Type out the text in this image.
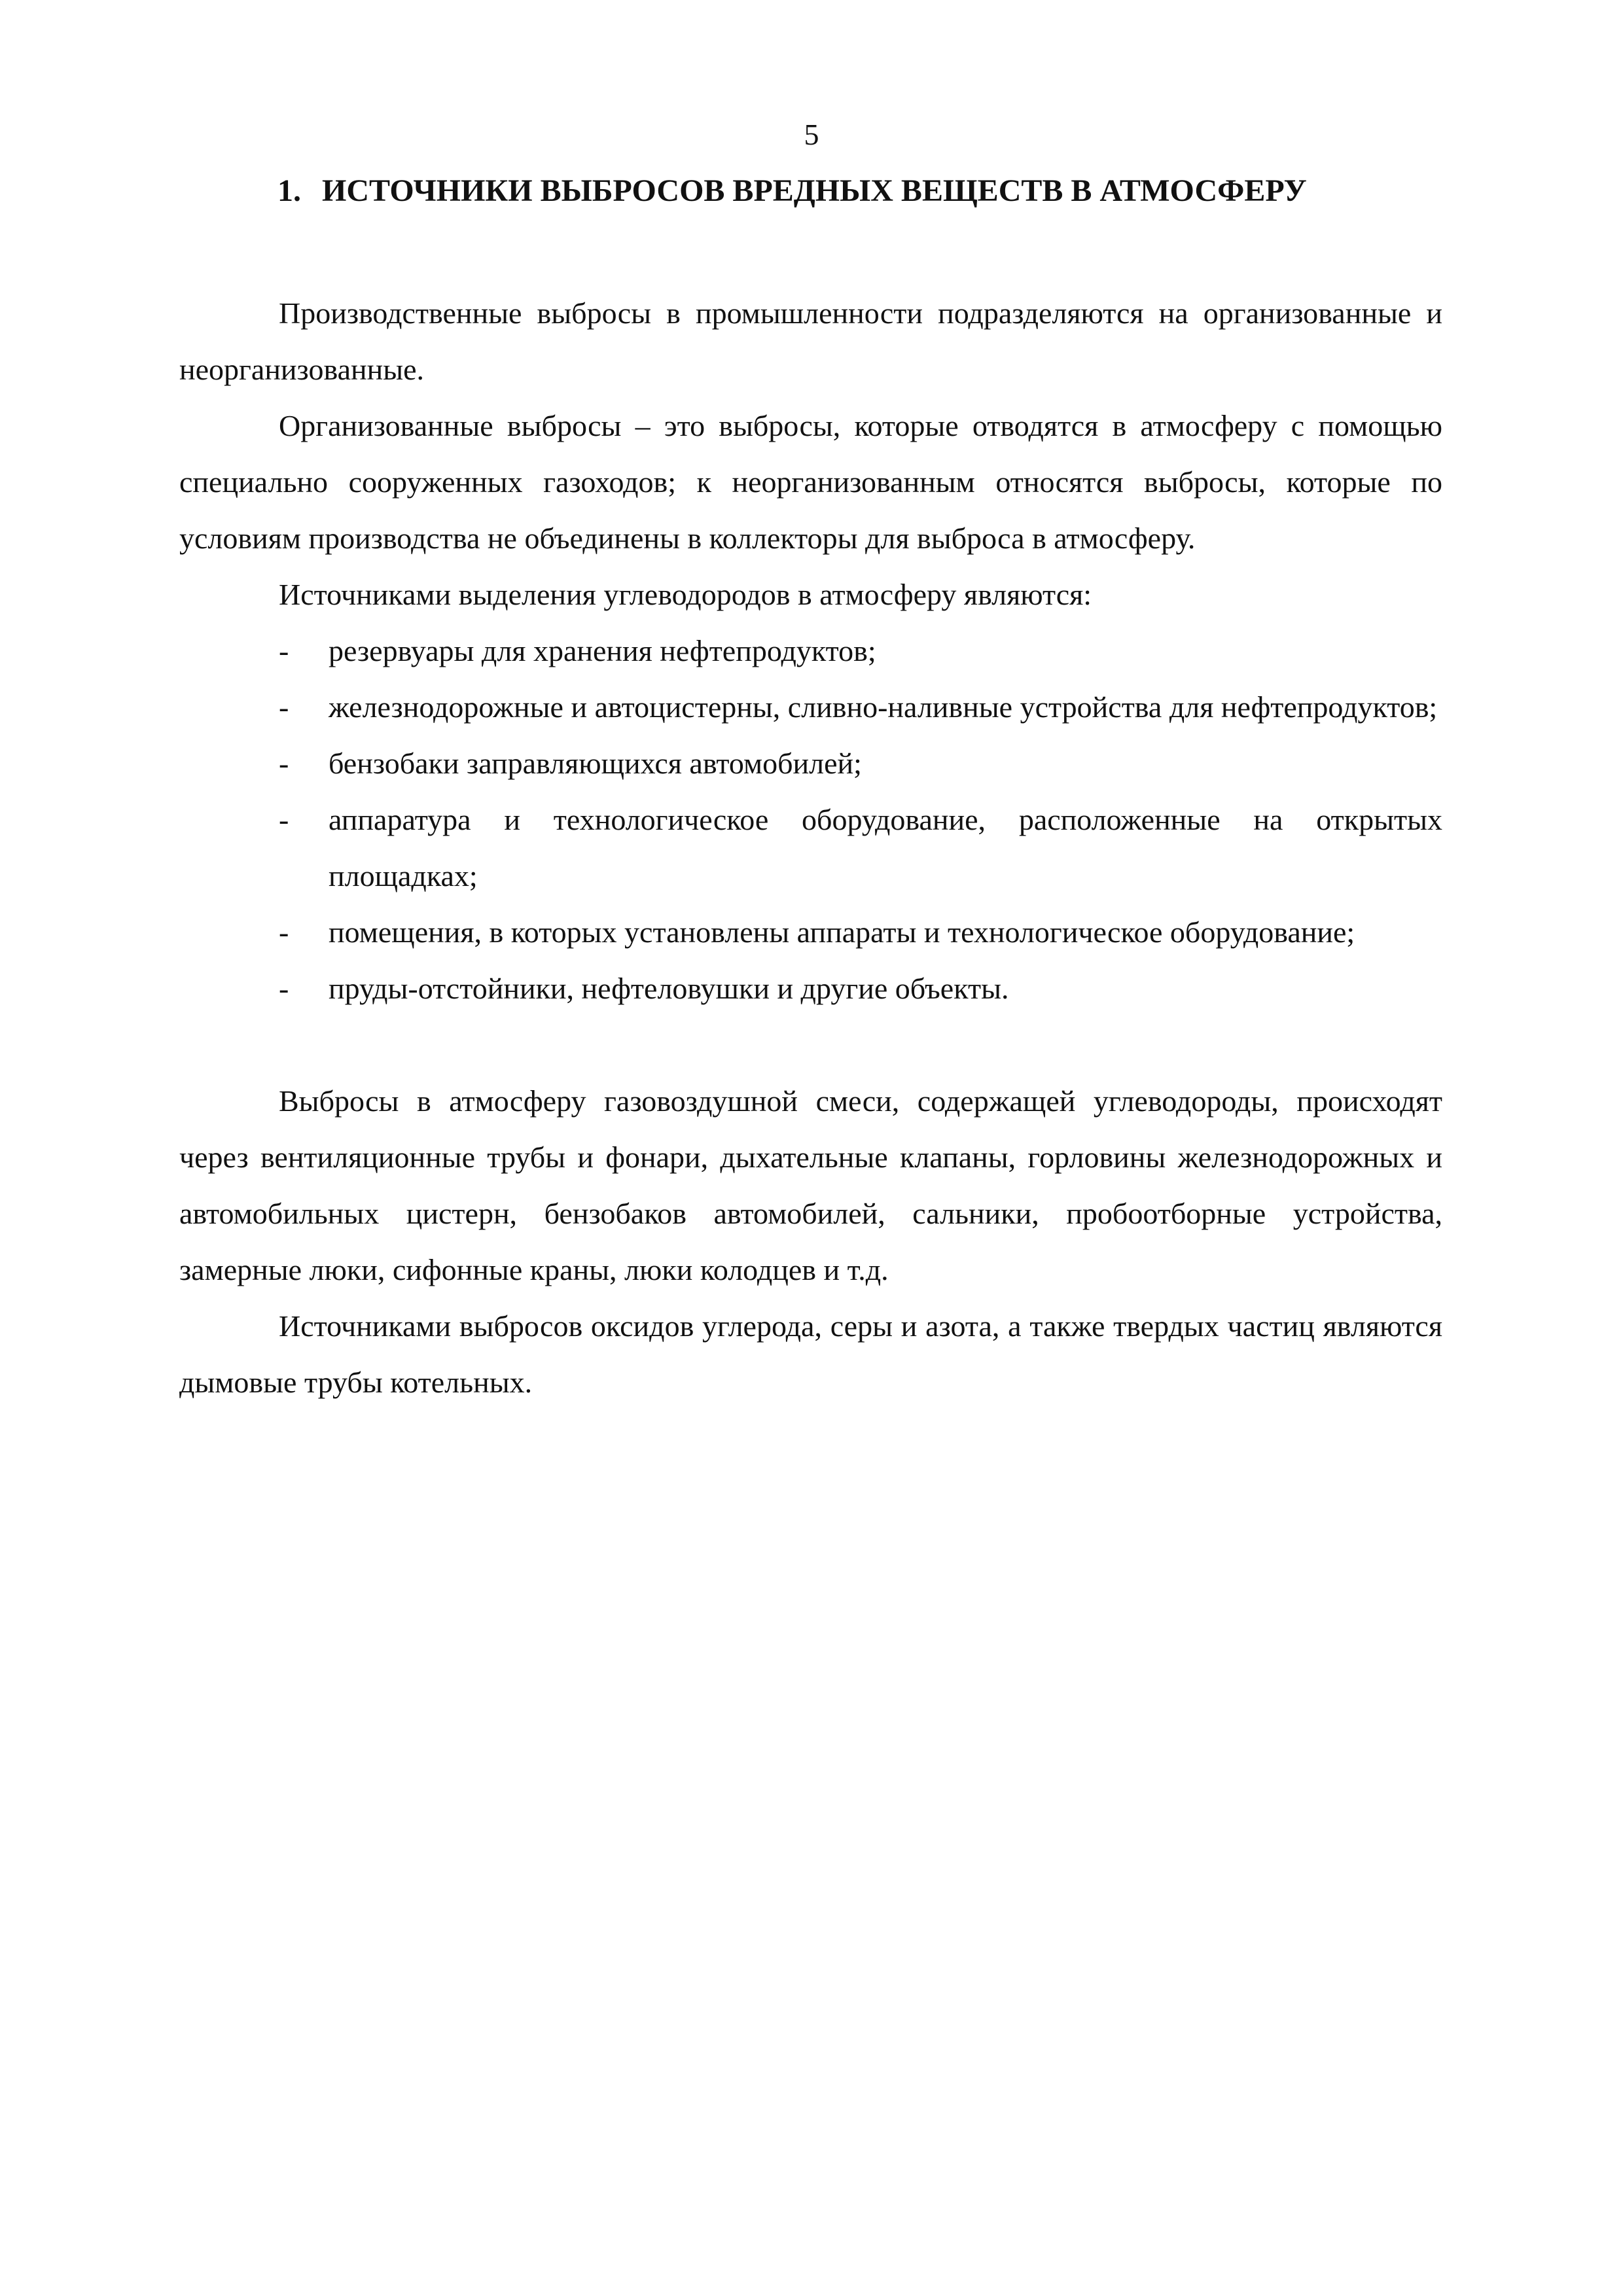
5
1. ИСТОЧНИКИ ВЫБРОСОВ ВРЕДНЫХ ВЕЩЕСТВ В АТМОСФЕРУ

Производственные выбросы в промышленности подразделяются на организованные и неорганизованные.

Организованные выбросы – это выбросы, которые отводятся в атмосферу с помощью специально сооруженных газоходов; к неорганизованным относятся выбросы, которые по условиям производства не объединены в коллекторы для выброса в атмосферу.

Источниками выделения углеводородов в атмосферу являются:

- резервуары для хранения нефтепродуктов;
- железнодорожные и автоцистерны, сливно-наливные устройства для нефтепродуктов;
- бензобаки заправляющихся автомобилей;
- аппаратура и технологическое оборудование, расположенные на открытых площадках;
- помещения, в которых установлены аппараты и технологическое оборудование;
- пруды-отстойники, нефтеловушки и другие объекты.

Выбросы в атмосферу газовоздушной смеси, содержащей углеводороды, происходят через вентиляционные трубы и фонари, дыхательные клапаны, горловины железнодорожных и автомобильных цистерн, бензобаков автомобилей, сальники, пробоотборные устройства, замерные люки, сифонные краны, люки колодцев и т.д.

Источниками выбросов оксидов углерода, серы и азота, а также твердых частиц являются дымовые трубы котельных.
